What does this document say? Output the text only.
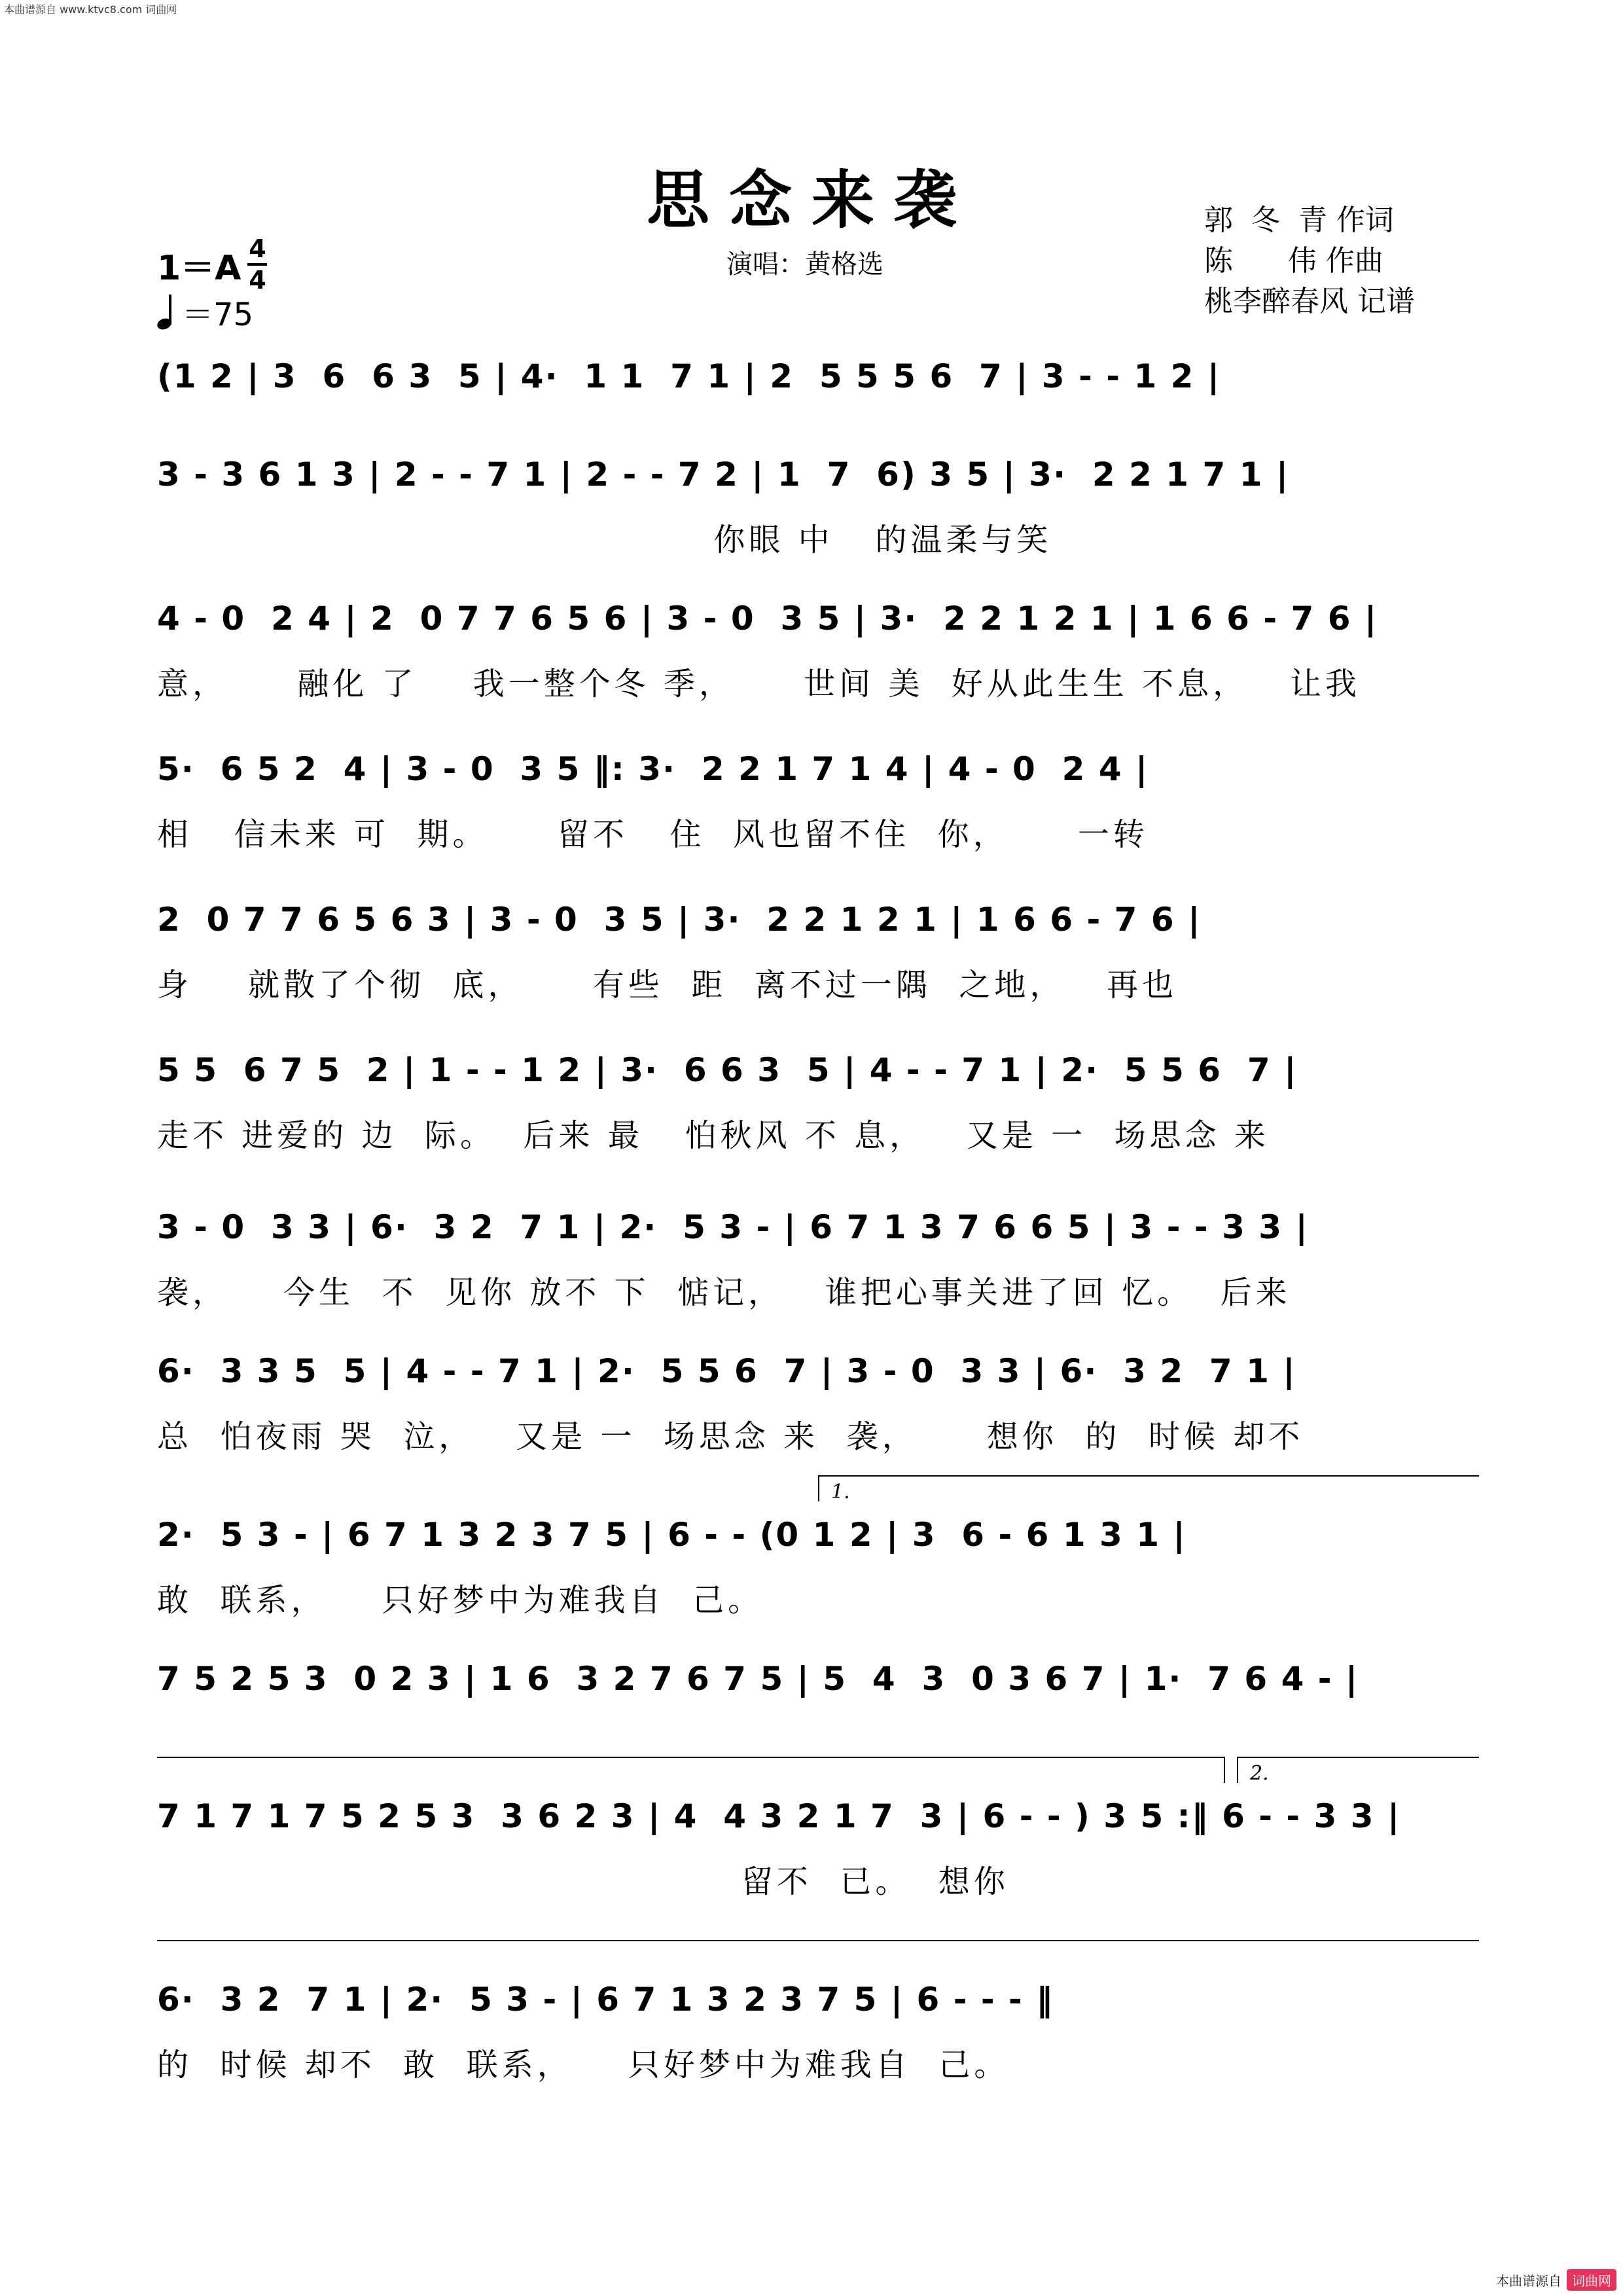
本曲谱源自 www.ktvc8.com 词曲网
思念来袭
演唱：黄格选
郭  冬  青 作词
陈      伟 作曲
桃李醉春风 记谱
$1=A \frac{4}{4}$
＝75
(1 2 | 3  6  6 3  5 | 4·  1 1  7 1 | 2  5 5 5 6  7 | 3 - - 1 2 |
3 - 3 6 1 3 | 2 - - 7 1 | 2 - - 7 2 | 1  7  6) 3 5 | 3·  2 2 1 7 1 |
你眼 中   的温柔与笑
4 - 0  2 4 | 2  0 7 7 6 5 6 | 3 - 0  3 5 | 3·  2 2 1 2 1 | 1 6 6 - 7 6 |
意，     融化 了    我一整个冬 季，     世间 美  好从此生生 不息，   让我
5·  6 5 2  4 | 3 - 0  3 5 ‖: 3·  2 2 1 7 1 4 | 4 - 0  2 4 |
相   信未来 可  期。     留不   住  风也留不住  你，     一转
2  0 7 7 6 5 6 3 | 3 - 0  3 5 | 3·  2 2 1 2 1 | 1 6 6 - 7 6 |
身    就散了个彻  底，     有些  距  离不过一隅  之地，   再也
5 5  6 7 5  2 | 1 - - 1 2 | 3·  6 6 3  5 | 4 - - 7 1 | 2·  5 5 6  7 |
走不 进爱的 边  际。  后来 最   怕秋风 不 息，   又是 一  场思念 来
3 - 0  3 3 | 6·  3 2  7 1 | 2·  5 3 - | 6 7 1 3 7 6 6 5 | 3 - - 3 3 |
袭，    今生  不  见你 放不 下  惦记，   谁把心事关进了回 忆。  后来
6·  3 3 5  5 | 4 - - 7 1 | 2·  5 5 6  7 | 3 - 0  3 3 | 6·  3 2  7 1 |
总  怕夜雨 哭  泣，   又是 一  场思念 来  袭，     想你  的  时候 却不
1.
2·  5 3 - | 6 7 1 3 2 3 7 5 | 6 - - (0 1 2 | 3  6 - 6 1 3 1 |
敢  联系，    只好梦中为难我自  己。
7 5 2 5 3  0 2 3 | 1 6  3 2 7 6 7 5 | 5  4  3  0 3 6 7 | 1·  7 6 4 - |
2.
7 1 7 1 7 5 2 5 3  3 6 2 3 | 4  4 3 2 1 7  3 | 6 - - ) 3 5 :‖ 6 - - 3 3 |
留不  已。  想你
6·  3 2  7 1 | 2·  5 3 - | 6 7 1 3 2 3 7 5 | 6 - - - ‖
的  时候 却不  敢  联系，    只好梦中为难我自  己。
本曲谱源自 词曲网
